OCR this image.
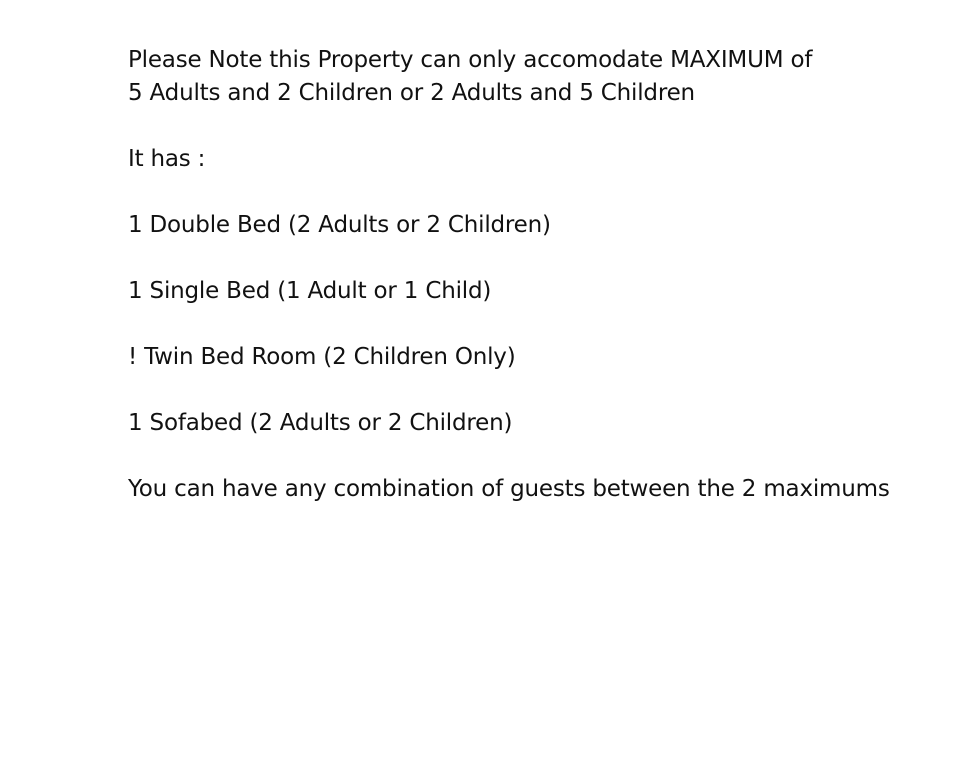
Please Note this Property can only accomodate MAXIMUM of
5 Adults and 2 Children or 2 Adults and 5 Children
It has :
1 Double Bed (2 Adults or 2 Children)
1 Single Bed (1 Adult or 1 Child)
! Twin Bed Room (2 Children Only)
1 Sofabed (2 Adults or 2 Children)
You can have any combination of guests between the 2 maximums
